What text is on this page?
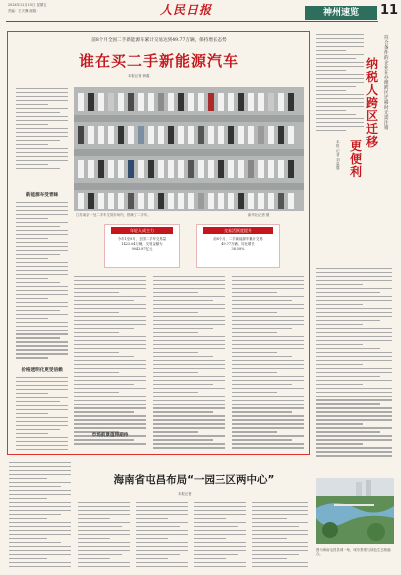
2024年11月15日 星期五
责编：王天骥 邮箱：	人民日报	神州速览	11
前8个月全国二手新能源车累计交易达到49.77万辆，保持增长态势
谁在买二手新能源汽车
本报记者 韩鑫
江苏南京一处二手车交易市场内，停满了二手车。	新华社记者 摄
新能源车受青睐
价格透明化更受信赖
年轻人成主力
今年1至9月，全国二手车交易量
1423.04万辆，交易金额为
9043.87亿元
交易活跃度提升
前8个月，二手新能源车累计交易
49.77万辆，同比增长
38.58%
市场前景值得期待
海南省屯昌布局“一园三区两中心”
本报记者
符合条件的企业在办理跨区迁移时无需注销
纳税人跨区迁移
更便利
本报记者 刘温馨
图为海南屯昌县城一角，城市景观与绿色生态相融合。
